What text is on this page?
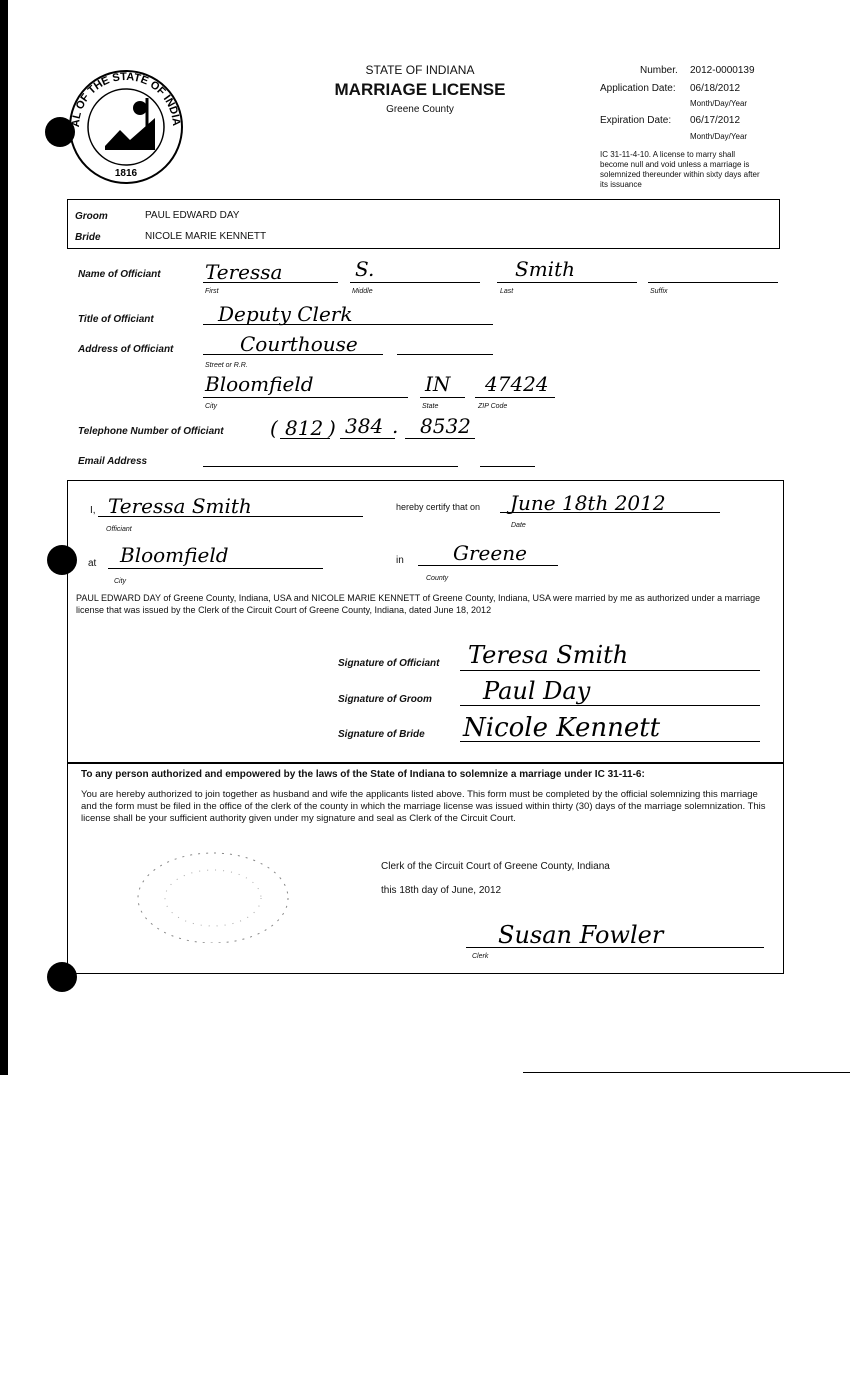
AL OF THE STATE OF INDIA
1816
STATE OF INDIANA
MARRIAGE LICENSE
Greene County
Number. 2012-0000139
Application Date: 06/18/2012
Month/Day/Year
Expiration Date: 06/17/2012
Month/Day/Year
IC 31-11-4-10. A license to marry shall become null and void unless a marriage is solemnized thereunder within sixty days after its issuance
Groom	PAUL EDWARD DAY
Bride	NICOLE MARIE KENNETT
Name of Officiant Teressa
First
S.
Middle
Smith
Last	Suffix
Title of Officiant	Deputy Clerk
Address of Officiant	Courthouse
Street or R.R.
Bloomfield	IN 47424
City	State	ZIP Code
Telephone Number of Officiant ( 812 ) 384 . 8532
Email Address
I, Teressa Smith
Officiant
hereby certify that on June 18th 2012
Date
at Bloomfield
City
in Greene
County
PAUL EDWARD DAY of Greene County, Indiana, USA and NICOLE MARIE KENNETT of Greene County, Indiana, USA were married by me as authorized under a marriage license that was issued by the Clerk of the Circuit Court of Greene County, Indiana, dated June 18, 2012
Signature of Officiant Teresa Smith
Signature of Groom Paul Day
Signature of Bride Nicole Kennett
To any person authorized and empowered by the laws of the State of Indiana to solemnize a marriage under IC 31-11-6:
You are hereby authorized to join together as husband and wife the applicants listed above. This form must be completed by the official solemnizing this marriage and the form must be filed in the office of the clerk of the county in which the marriage license was issued within thirty (30) days of the marriage solemnization. This license shall be your sufficient authority given under my signature and seal as Clerk of the Circuit Court.
Clerk of the Circuit Court of Greene County, Indiana
this 18th day of June, 2012
Susan Fowler
Clerk
